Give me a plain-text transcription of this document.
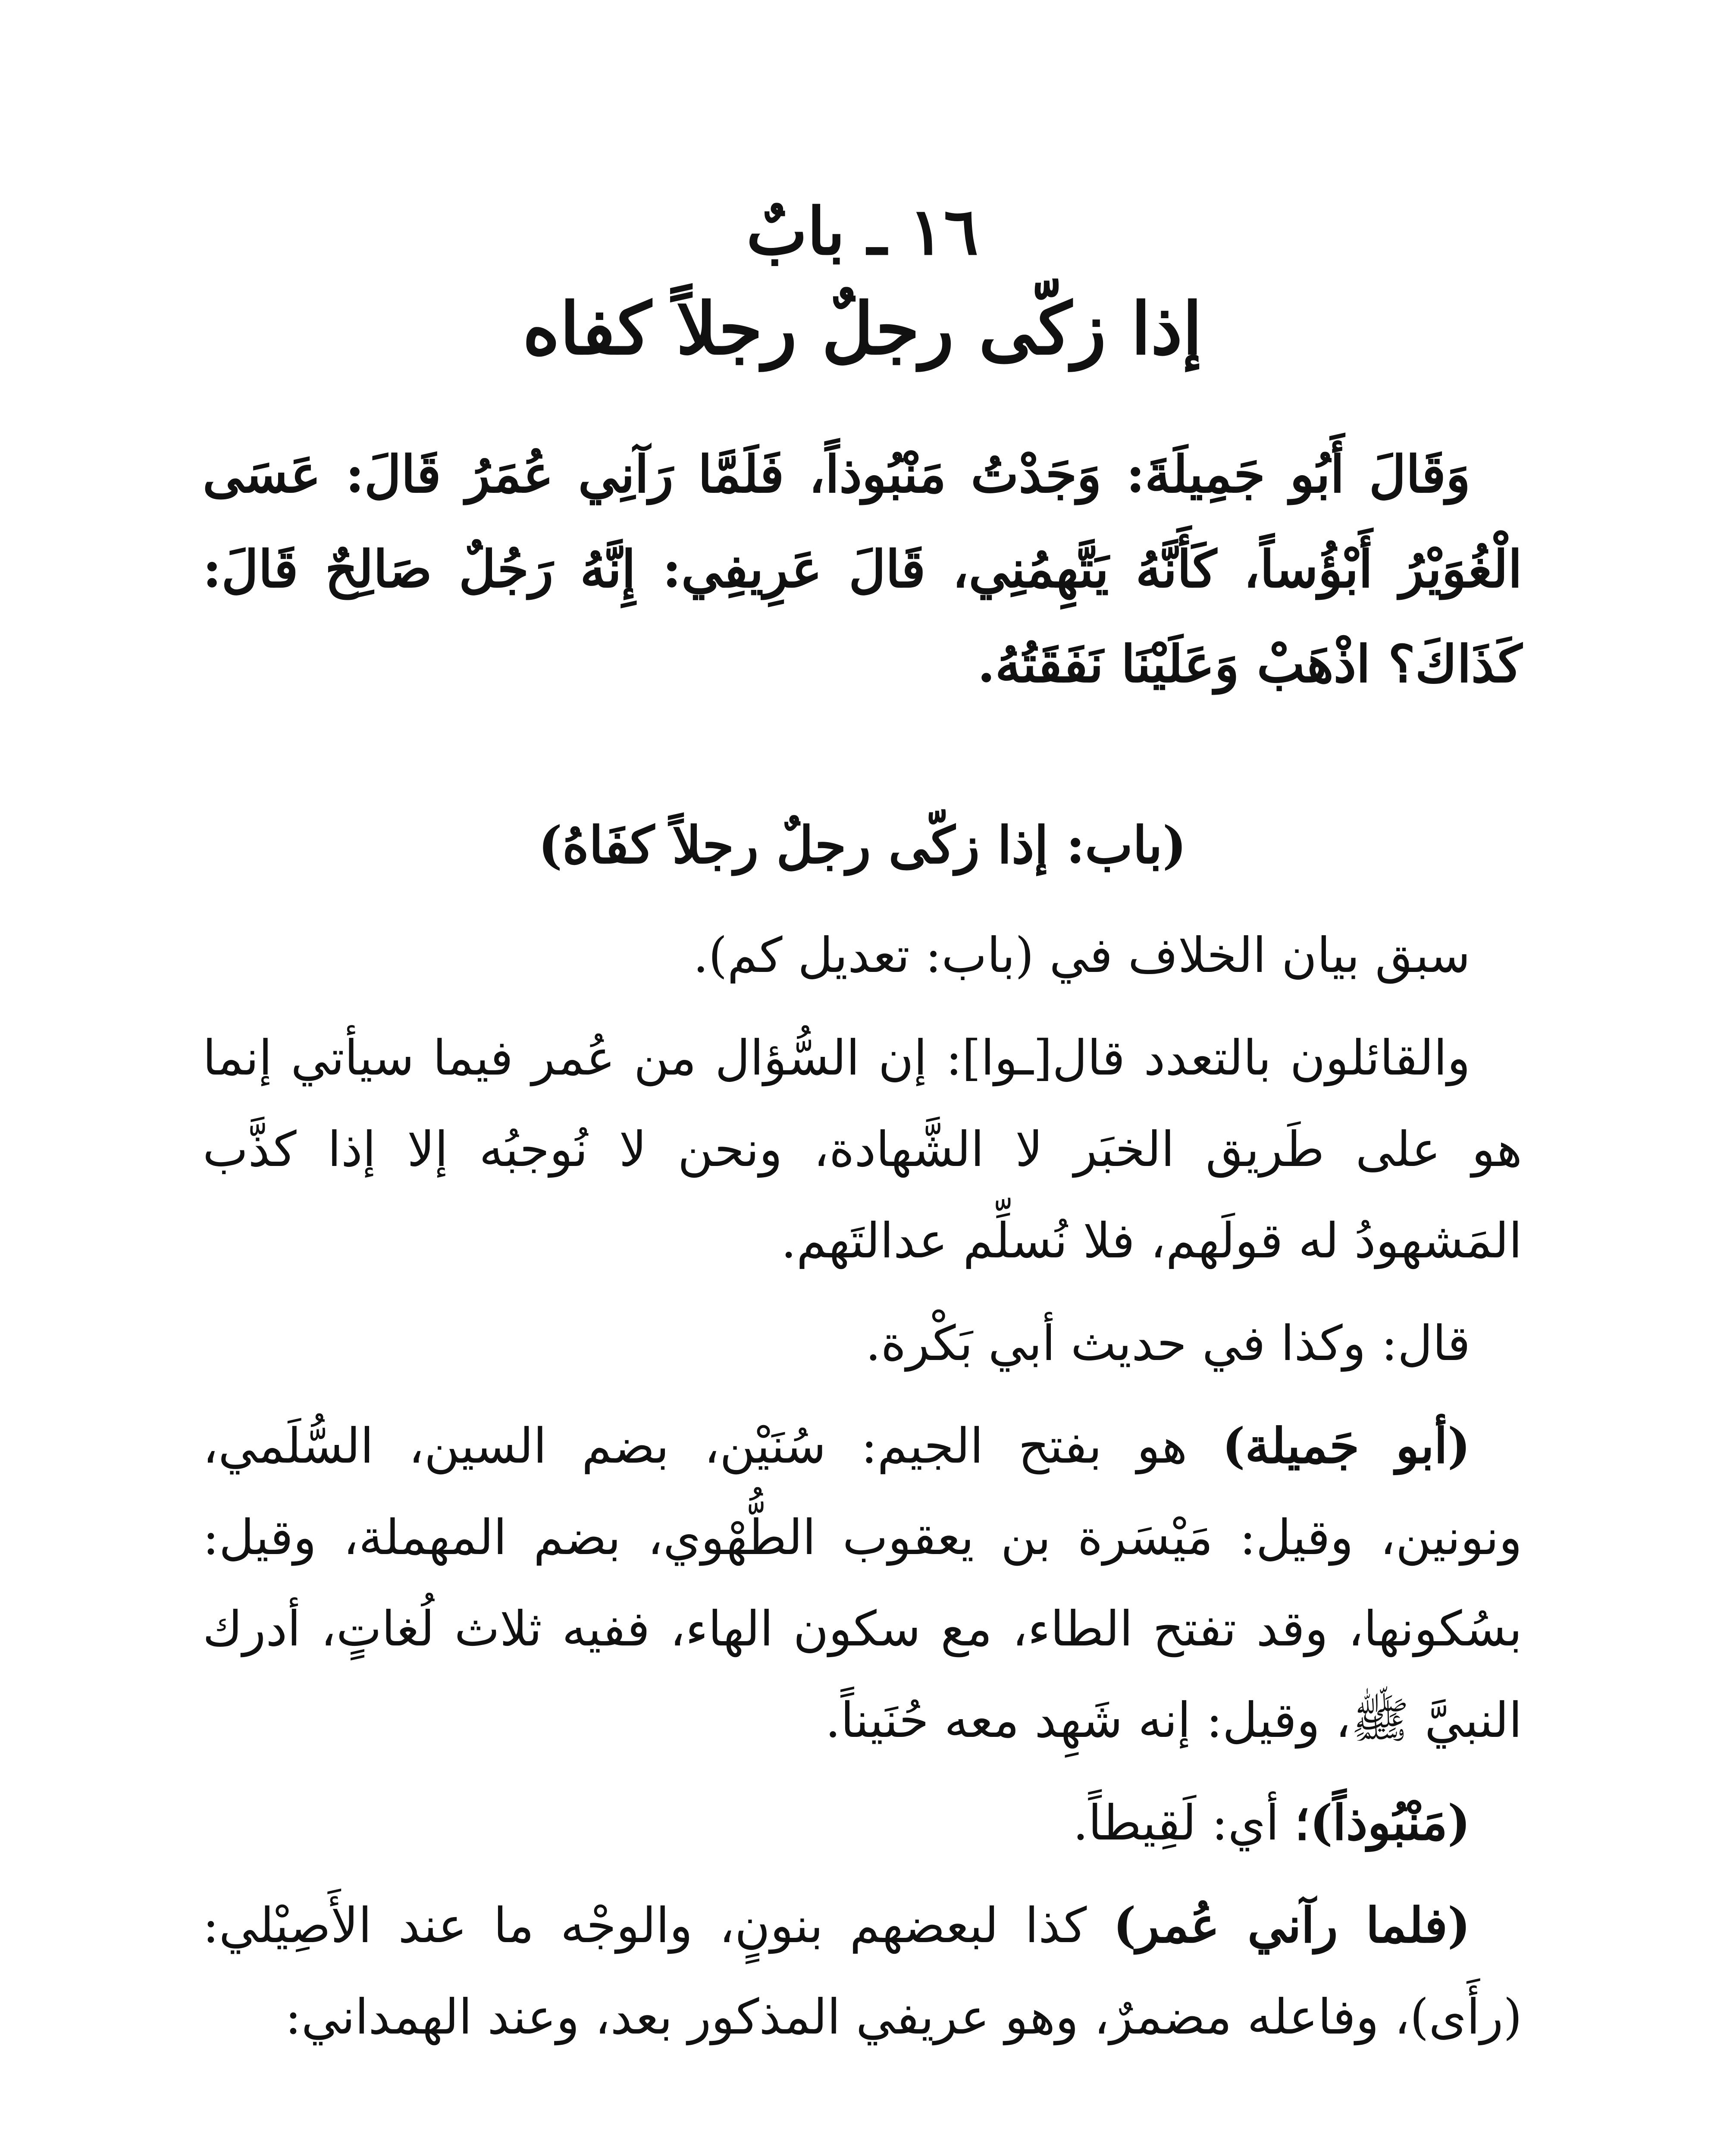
١٦ ـ بابٌ
إذا زكّى رجلٌ رجلاً كفاه

وَقَالَ أَبُو جَمِيلَةَ: وَجَدْتُ مَنْبُوذاً، فَلَمَّا رَآنِي عُمَرُ قَالَ: عَسَى الْغُوَيْرُ أَبْؤُساً، كَأَنَّهُ يَتَّهِمُنِي، قَالَ عَرِيفِي: إِنَّهُ رَجُلٌ صَالِحٌ قَالَ: كَذَاكَ؟ اذْهَبْ وَعَلَيْنَا نَفَقَتُهُ.

(باب: إذا زكّى رجلٌ رجلاً كفَاهُ)

سبق بيان الخلاف في (باب: تعديل كم).

والقائلون بالتعدد قال[ـوا]: إن السُّؤال من عُمر فيما سيأتي إنما هو على طَريق الخبَر لا الشَّهادة، ونحن لا نُوجبُه إلا إذا كذَّب المَشهودُ له قولَهم، فلا نُسلِّم عدالتَهم.

قال: وكذا في حديث أبي بَكْرة.

(أبو جَميلة) هو بفتح الجيم: سُنَيْن، بضم السين، السُّلَمي، ونونين، وقيل: مَيْسَرة بن يعقوب الطُّهْوي، بضم المهملة، وقيل: بسُكونها، وقد تفتح الطاء، مع سكون الهاء، ففيه ثلاث لُغاتٍ، أدرك النبيَّ ﷺ، وقيل: إنه شَهِد معه حُنَيناً.

(مَنْبُوذاً)؛ أي: لَقِيطاً.

(فلما رآني عُمر) كذا لبعضهم بنونٍ، والوجْه ما عند الأَصِيْلي: (رأَى)، وفاعله مضمرٌ، وهو عريفي المذكور بعد، وعند الهمداني:
